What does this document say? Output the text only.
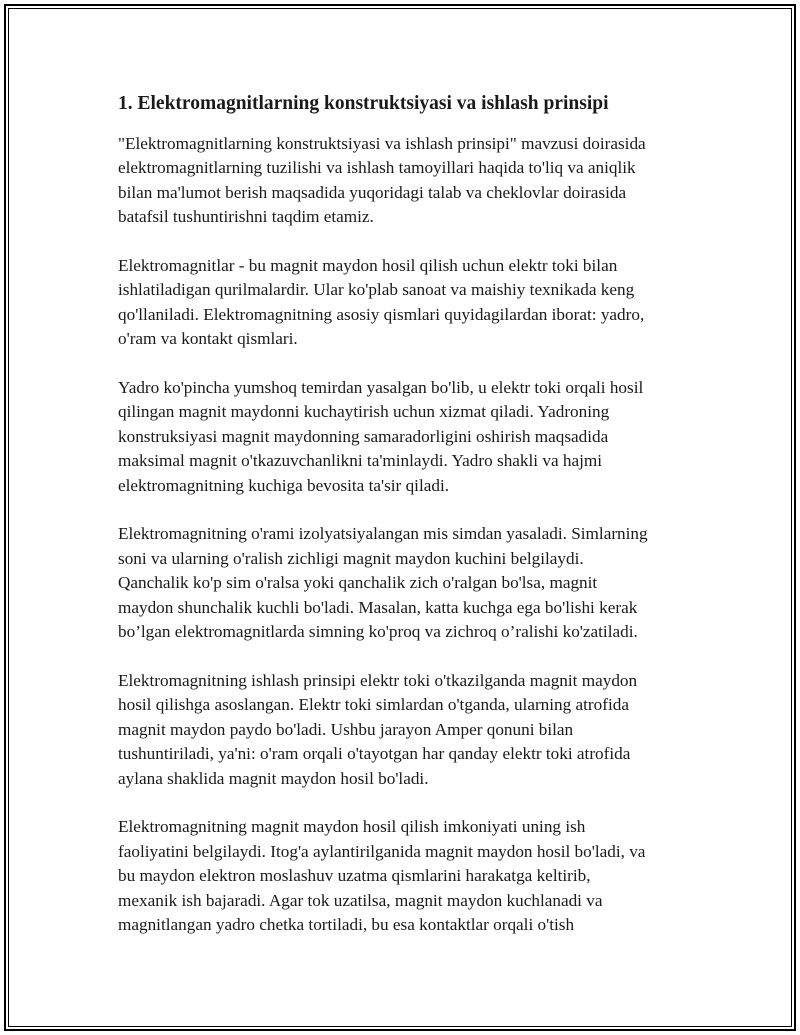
1. Elektromagnitlarning konstruktsiyasi va ishlash prinsipi

"Elektromagnitlarning konstruktsiyasi va ishlash prinsipi" mavzusi doirasida
elektromagnitlarning tuzilishi va ishlash tamoyillari haqida to'liq va aniqlik
bilan ma'lumot berish maqsadida yuqoridagi talab va cheklovlar doirasida
batafsil tushuntirishni taqdim etamiz.

Elektromagnitlar - bu magnit maydon hosil qilish uchun elektr toki bilan
ishlatiladigan qurilmalardir. Ular ko'plab sanoat va maishiy texnikada keng
qo'llaniladi. Elektromagnitning asosiy qismlari quyidagilardan iborat: yadro,
o'ram va kontakt qismlari.

Yadro ko'pincha yumshoq temirdan yasalgan bo'lib, u elektr toki orqali hosil
qilingan magnit maydonni kuchaytirish uchun xizmat qiladi. Yadroning
konstruksiyasi magnit maydonning samaradorligini oshirish maqsadida
maksimal magnit o'tkazuvchanlikni ta'minlaydi. Yadro shakli va hajmi
elektromagnitning kuchiga bevosita ta'sir qiladi.

Elektromagnitning o'rami izolyatsiyalangan mis simdan yasaladi. Simlarning
soni va ularning o'ralish zichligi magnit maydon kuchini belgilaydi.
Qanchalik ko'p sim o'ralsa yoki qanchalik zich o'ralgan bo'lsa, magnit
maydon shunchalik kuchli bo'ladi. Masalan, katta kuchga ega bo'lishi kerak
bo’lgan elektromagnitlarda simning ko'proq va zichroq o’ralishi ko'zatiladi.

Elektromagnitning ishlash prinsipi elektr toki o'tkazilganda magnit maydon
hosil qilishga asoslangan. Elektr toki simlardan o'tganda, ularning atrofida
magnit maydon paydo bo'ladi. Ushbu jarayon Amper qonuni bilan
tushuntiriladi, ya'ni: o'ram orqali o'tayotgan har qanday elektr toki atrofida
aylana shaklida magnit maydon hosil bo'ladi.

Elektromagnitning magnit maydon hosil qilish imkoniyati uning ish
faoliyatini belgilaydi. Itog'a aylantirilganida magnit maydon hosil bo'ladi, va
bu maydon elektron moslashuv uzatma qismlarini harakatga keltirib,
mexanik ish bajaradi. Agar tok uzatilsa, magnit maydon kuchlanadi va
magnitlangan yadro chetka tortiladi, bu esa kontaktlar orqali o'tish
